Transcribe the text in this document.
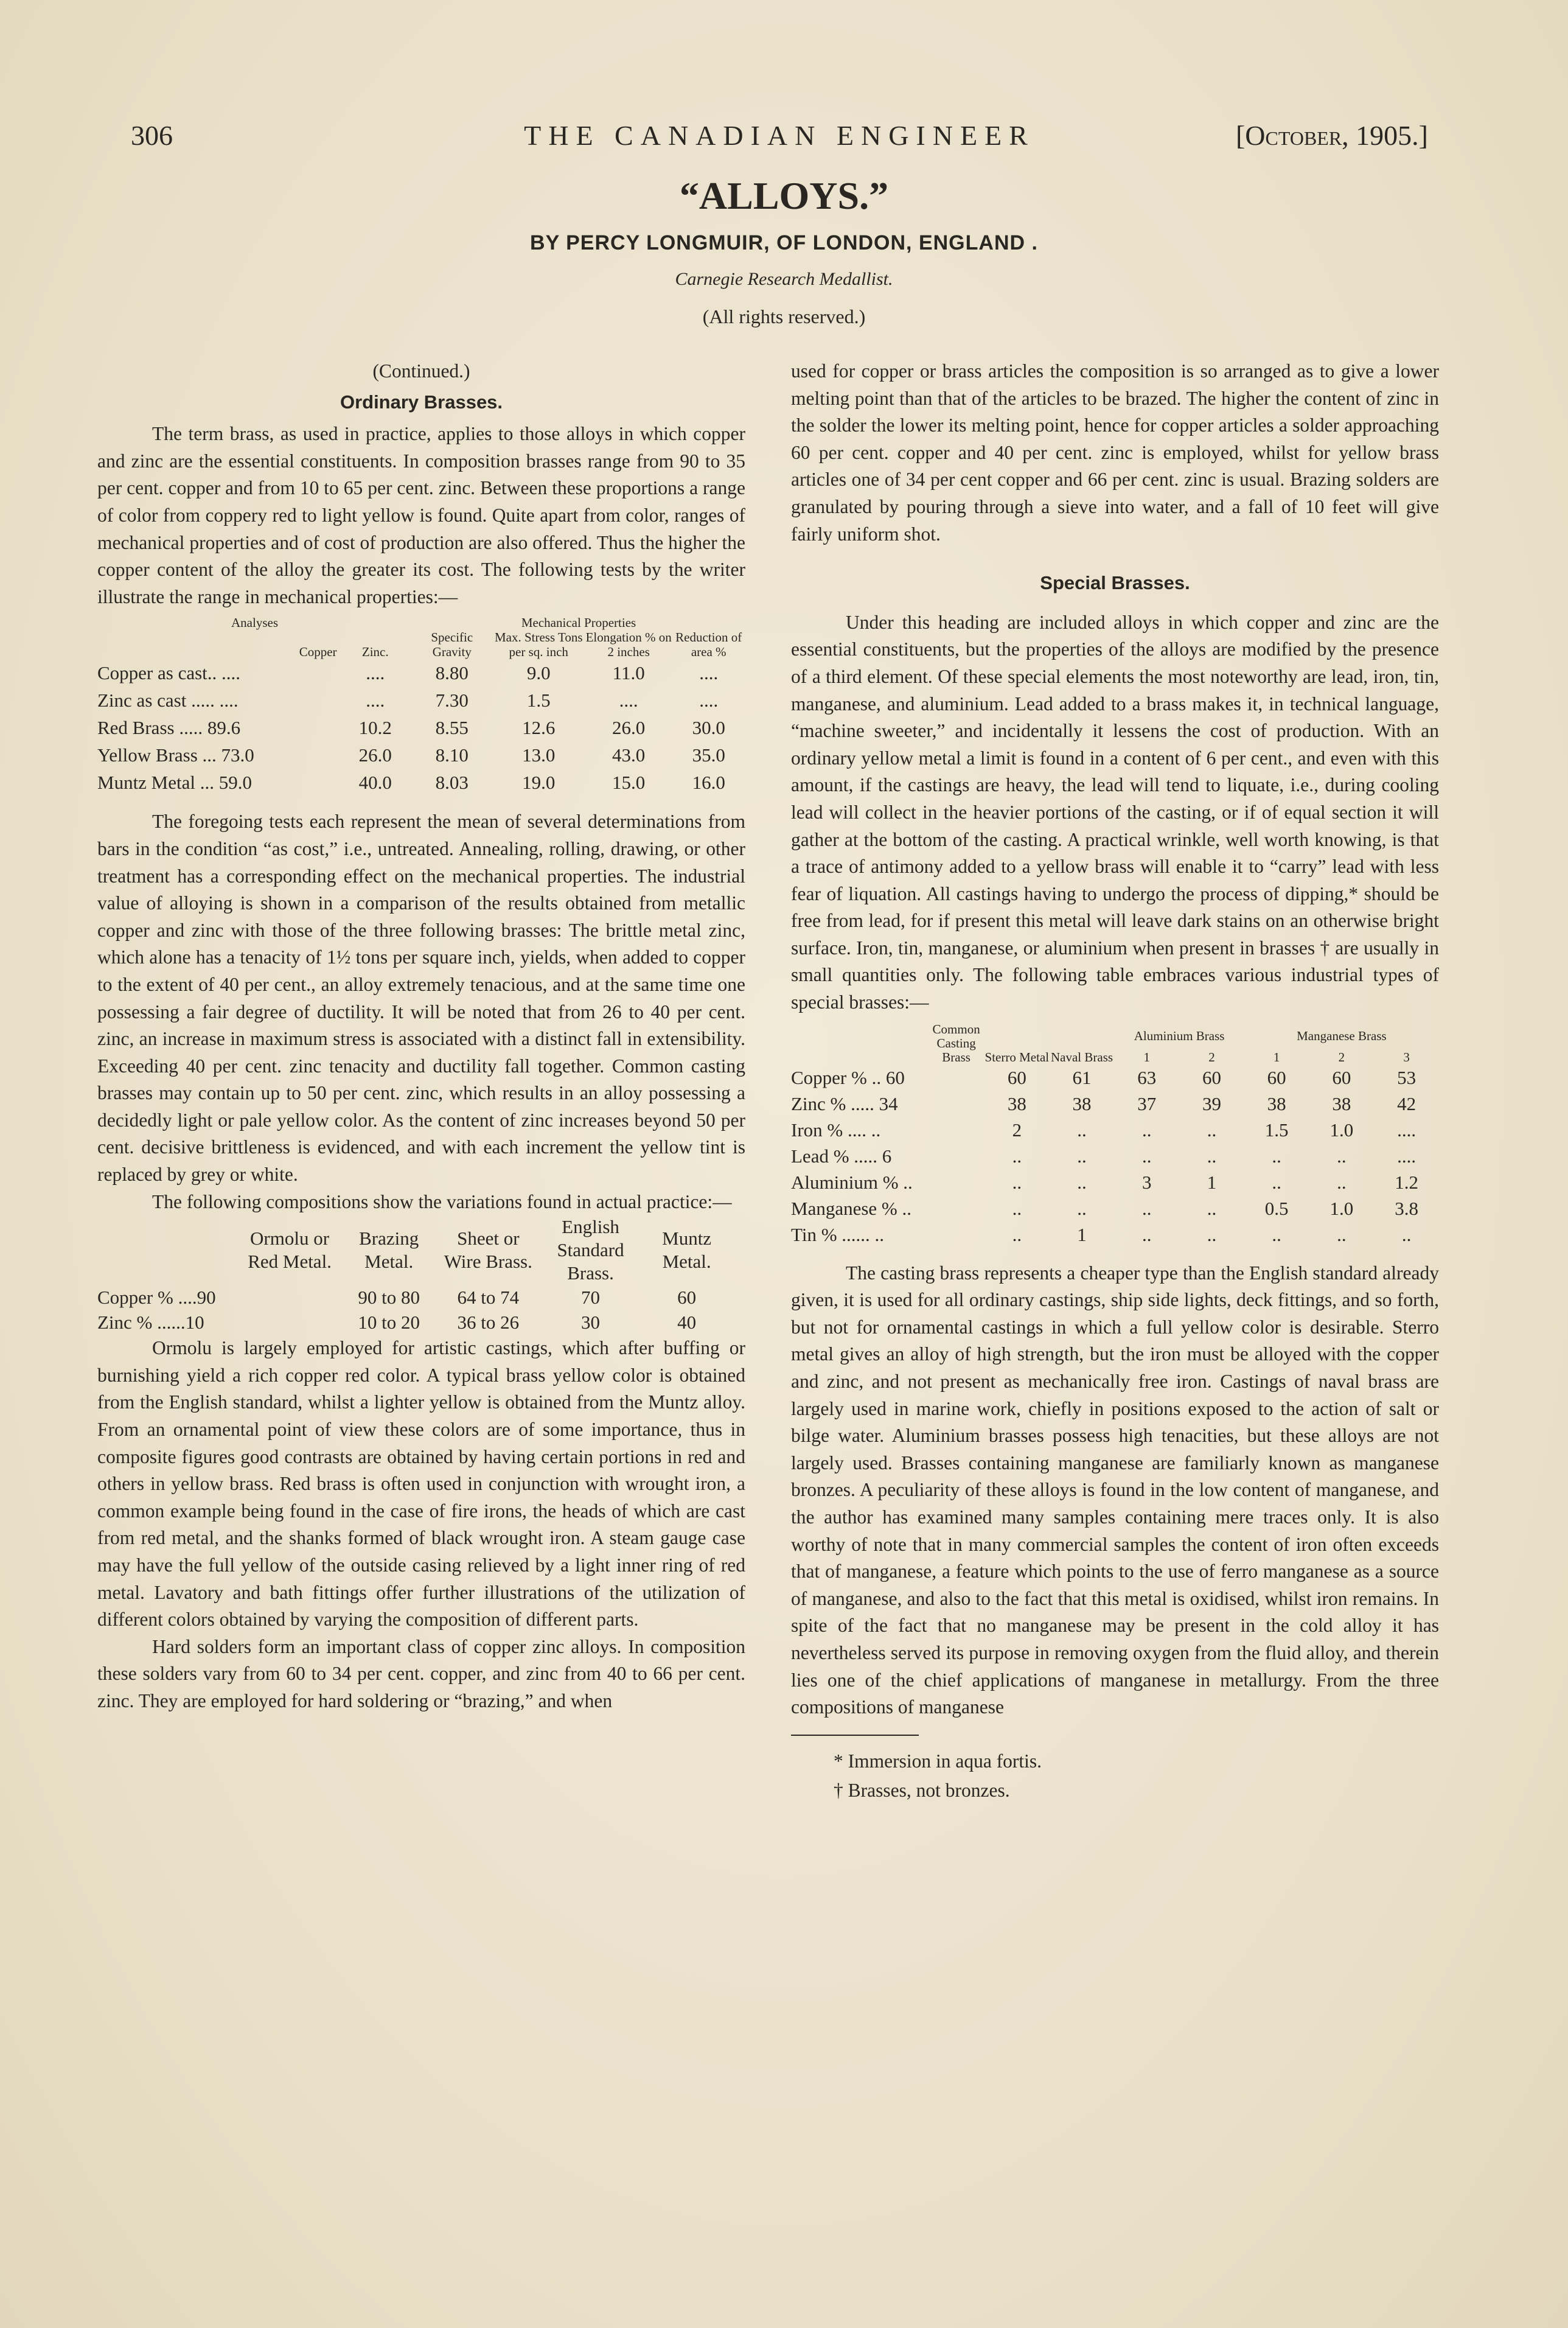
306	THE CANADIAN ENGINEER	[October, 1905.]
“ALLOYS.”
BY PERCY LONGMUIR, OF LONDON, ENGLAND .
Carnegie Research Medallist.
(All rights reserved.)
(Continued.)
Ordinary Brasses.

The term brass, as used in practice, applies to those alloys in which copper and zinc are the essential constituents. In composition brasses range from 90 to 35 per cent. copper and from 10 to 65 per cent. zinc. Between these proportions a range of color from coppery red to light yellow is found. Quite apart from color, ranges of mechanical properties and of cost of production are also offered. Thus the higher the copper content of the alloy the greater its cost. The following tests by the writer illustrate the range in mechanical properties:—

Analyses			Mechanical Properties			
	Copper	Zinc.	Specific Gravity	Max. Stress Tons per sq. inch	Elongation % on 2 inches	Reduction of area %
Copper as cast.. ....		....	8.80	9.0	11.0	....
Zinc as cast ..... ....		....	7.30	1.5	....	....
Red Brass ..... 89.6		10.2	8.55	12.6	26.0	30.0
Yellow Brass ... 73.0		26.0	8.10	13.0	43.0	35.0
Muntz Metal ... 59.0		40.0	8.03	19.0	15.0	16.0

The foregoing tests each represent the mean of several determinations from bars in the condition “as cost,” i.e., untreated. Annealing, rolling, drawing, or other treatment has a corresponding effect on the mechanical properties. The industrial value of alloying is shown in a comparison of the results obtained from metallic copper and zinc with those of the three following brasses: The brittle metal zinc, which alone has a tenacity of 1½ tons per square inch, yields, when added to copper to the extent of 40 per cent., an alloy extremely tenacious, and at the same time one possessing a fair degree of ductility. It will be noted that from 26 to 40 per cent. zinc, an increase in maximum stress is associated with a distinct fall in extensibility. Exceeding 40 per cent. zinc tenacity and ductility fall together. Common casting brasses may contain up to 50 per cent. zinc, which results in an alloy possessing a decidedly light or pale yellow color. As the content of zinc increases beyond 50 per cent. decisive brittleness is evidenced, and with each increment the yellow tint is replaced by grey or white.

The following compositions show the variations found in actual practice:—

	Ormolu or Red Metal.	Brazing Metal.	Sheet or Wire Brass.	English Standard Brass.	Muntz Metal.
Copper % ....90		90 to 80	64 to 74	70	60
Zinc % ......10		10 to 20	36 to 26	30	40

Ormolu is largely employed for artistic castings, which after buffing or burnishing yield a rich copper red color. A typical brass yellow color is obtained from the English standard, whilst a lighter yellow is obtained from the Muntz alloy. From an ornamental point of view these colors are of some importance, thus in composite figures good contrasts are obtained by having certain portions in red and others in yellow brass. Red brass is often used in conjunction with wrought iron, a common example being found in the case of fire irons, the heads of which are cast from red metal, and the shanks formed of black wrought iron. A steam gauge case may have the full yellow of the outside casing relieved by a light inner ring of red metal. Lavatory and bath fittings offer further illustrations of the utilization of different colors obtained by varying the composition of different parts.

Hard solders form an important class of copper zinc alloys. In composition these solders vary from 60 to 34 per cent. copper, and zinc from 40 to 66 per cent. zinc. They are employed for hard soldering or “brazing,” and when

used for copper or brass articles the composition is so arranged as to give a lower melting point than that of the articles to be brazed. The higher the content of zinc in the solder the lower its melting point, hence for copper articles a solder approaching 60 per cent. copper and 40 per cent. zinc is employed, whilst for yellow brass articles one of 34 per cent copper and 66 per cent. zinc is usual. Brazing solders are granulated by pouring through a sieve into water, and a fall of 10 feet will give fairly uniform shot.

Special Brasses.

Under this heading are included alloys in which copper and zinc are the essential constituents, but the properties of the alloys are modified by the presence of a third element. Of these special elements the most noteworthy are lead, iron, tin, manganese, and aluminium. Lead added to a brass makes it, in technical language, “machine sweeter,” and incidentally it lessens the cost of production. With an ordinary yellow metal a limit is found in a content of 6 per cent., and even with this amount, if the castings are heavy, the lead will tend to liquate, i.e., during cooling lead will collect in the heavier portions of the casting, or if of equal section it will gather at the bottom of the casting. A practical wrinkle, well worth knowing, is that a trace of antimony added to a yellow brass will enable it to “carry” lead with less fear of liquation. All castings having to undergo the process of dipping,* should be free from lead, for if present this metal will leave dark stains on an otherwise bright surface. Iron, tin, manganese, or aluminium when present in brasses † are usually in small quantities only. The following table embraces various industrial types of special brasses:—

	Common Casting Brass	Sterro Metal	Naval Brass	Aluminium Brass		Manganese Brass		
				1	2	1	2	3
Copper % .. 60		60	61	63	60	60	60	53
Zinc % ..... 34		38	38	37	39	38	38	42
Iron % .... ..		2	..	..	..	1.5	1.0	....
Lead % ..... 6		..	..	..	..	..	..	....
Aluminium % ..		..	..	3	1	..	..	1.2
Manganese % ..		..	..	..	..	0.5	1.0	3.8
Tin % ...... ..		..	1	..	..	..	..	..

The casting brass represents a cheaper type than the English standard already given, it is used for all ordinary castings, ship side lights, deck fittings, and so forth, but not for ornamental castings in which a full yellow color is desirable. Sterro metal gives an alloy of high strength, but the iron must be alloyed with the copper and zinc, and not present as mechanically free iron. Castings of naval brass are largely used in marine work, chiefly in positions exposed to the action of salt or bilge water. Aluminium brasses possess high tenacities, but these alloys are not largely used. Brasses containing manganese are familiarly known as manganese bronzes. A peculiarity of these alloys is found in the low content of manganese, and the author has examined many samples containing mere traces only. It is also worthy of note that in many commercial samples the content of iron often exceeds that of manganese, a feature which points to the use of ferro manganese as a source of manganese, and also to the fact that this metal is oxidised, whilst iron remains. In spite of the fact that no manganese may be present in the cold alloy it has nevertheless served its purpose in removing oxygen from the fluid alloy, and therein lies one of the chief applications of manganese in metallurgy. From the three compositions of manganese

* Immersion in aqua fortis.
† Brasses, not bronzes.
